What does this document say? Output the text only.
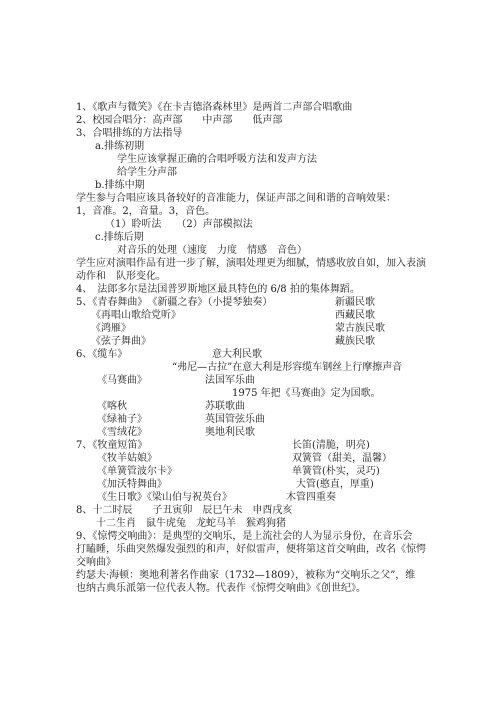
1、《歌声与微笑》《在卡吉德洛森林里》是两首二声部合唱歌曲
2、校园合唱分：高声部　　中声部　　低声部
3、合唱排练的方法指导
a.排练初期
学生应该掌握正确的合唱呼吸方法和发声方法
给学生分声部
b.排练中期
学生参与合唱应该具备较好的音准能力，保证声部之间和谐的音响效果：
1，音准。2，音量。3，音色。
（1）聆听法　　（2）声部模拟法
c.排练后期
对音乐的处理（速度　力度　情感　音色）
学生应对演唱作品有进一步了解，演唱处理更为细腻，情感收放自如，加入表演
动作和　队形变化。
4、　法郎多尔是法国普罗斯地区最具特色的 6/8 拍的集体舞蹈。
5、《青春舞曲》　《新疆之春》（小提琴独奏）	新疆民歌
《再唱山歌给党听》	西藏民歌
《鸿雁》	蒙古族民歌
《弦子舞曲》	藏族民歌
6、《缆车》	意大利民歌
“弗尼—古拉”在意大利是形容缆车钢丝上行摩擦声音
《马赛曲》	法国军乐曲
1975 年把《马赛曲》定为国歌。
《喀秋	苏联歌曲
《绿袖子》	英国管弦乐曲
《雪绒花》	奥地利民歌
7、《牧童短笛》	长笛(清脆，明亮)
《牧羊姑娘》	双簧管（甜美，温馨）
《单簧管波尔卡》	单簧管(朴实，灵巧)
《加沃特舞曲》	大管(憨直，厚重)
《生日歌》《梁山伯与祝英台》	木管四重奏
8、十二时辰　　子丑寅卯　辰巳午未　申酉戌亥
十二生肖　鼠牛虎兔　龙蛇马羊　猴鸡狗猪
9、《惊愕交响曲》：是典型的交响乐，是上流社会的人为显示身份，在音乐会
打瞌睡，乐曲突然爆发强烈的和声，好似雷声，便将第这首交响曲，改名《惊愕
交响曲》
约瑟夫·海顿：奥地利著名作曲家（1732—1809），被称为“交响乐之父”，维
也纳古典乐派第一位代表人物。代表作《惊愕交响曲》《创世纪》。
